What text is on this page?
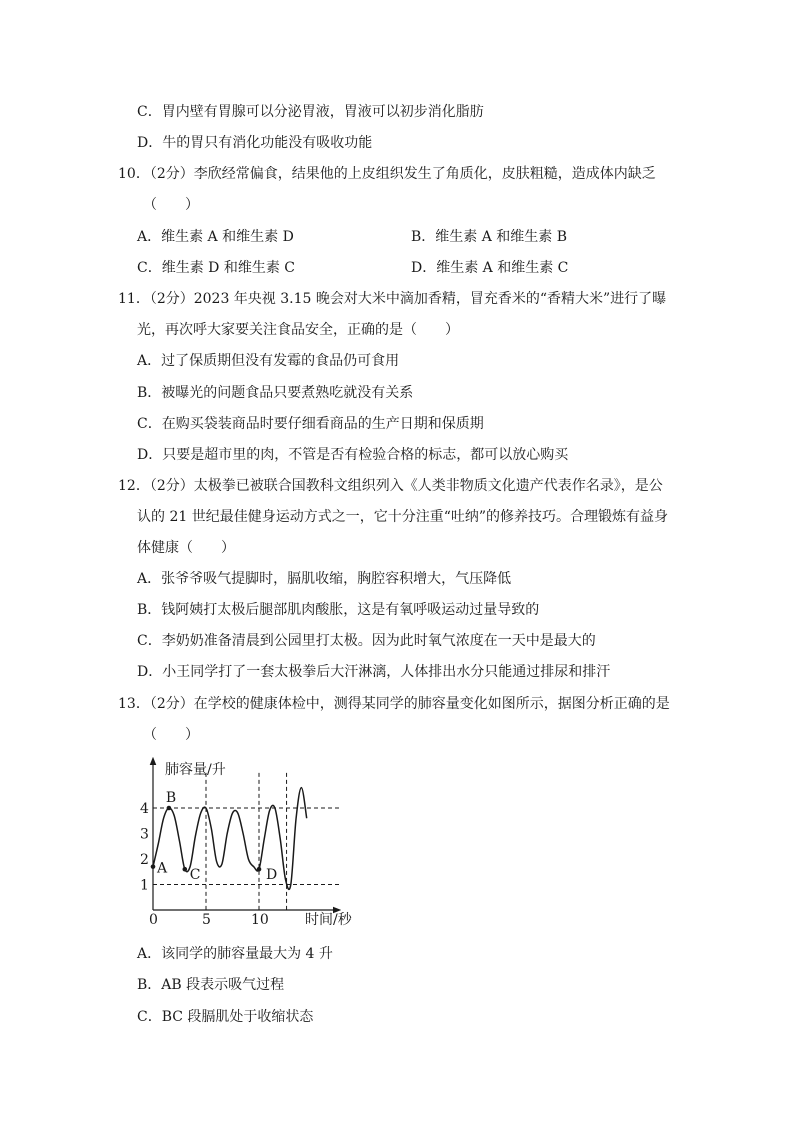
C．胃内壁有胃腺可以分泌胃液，胃液可以初步消化脂肪
D．牛的胃只有消化功能没有吸收功能
10．（2分）李欣经常偏食，结果他的上皮组织发生了角质化，皮肤粗糙，造成体内缺乏
（　　）
A．维生素 A 和维生素 D	B．维生素 A 和维生素 B
C．维生素 D 和维生素 C	D．维生素 A 和维生素 C
11．（2分）2023 年央视 3.15 晚会对大米中滴加香精，冒充香米的“香精大米”进行了曝
光，再次呼大家要关注食品安全，正确的是（　　）
A．过了保质期但没有发霉的食品仍可食用
B．被曝光的问题食品只要煮熟吃就没有关系
C．在购买袋装商品时要仔细看商品的生产日期和保质期
D．只要是超市里的肉，不管是否有检验合格的标志，都可以放心购买
12．（2分）太极拳已被联合国教科文组织列入《人类非物质文化遗产代表作名录》，是公
认的 21 世纪最佳健身运动方式之一，它十分注重“吐纳”的修养技巧。合理锻炼有益身
体健康（　　）
A．张爷爷吸气提脚时，膈肌收缩，胸腔容积增大，气压降低
B．钱阿姨打太极后腿部肌肉酸胀，这是有氧呼吸运动过量导致的
C．李奶奶准备清晨到公园里打太极。因为此时氧气浓度在一天中是最大的
D．小王同学打了一套太极拳后大汗淋漓，人体排出水分只能通过排尿和排汗
13．（2分）在学校的健康体检中，测得某同学的肺容量变化如图所示，据图分析正确的是
（　　）
肺容量/升
时间/秒
1
2
3
4
0	5	10
A
B
C	D
A．该同学的肺容量最大为 4 升
B．AB 段表示吸气过程
C．BC 段膈肌处于收缩状态
